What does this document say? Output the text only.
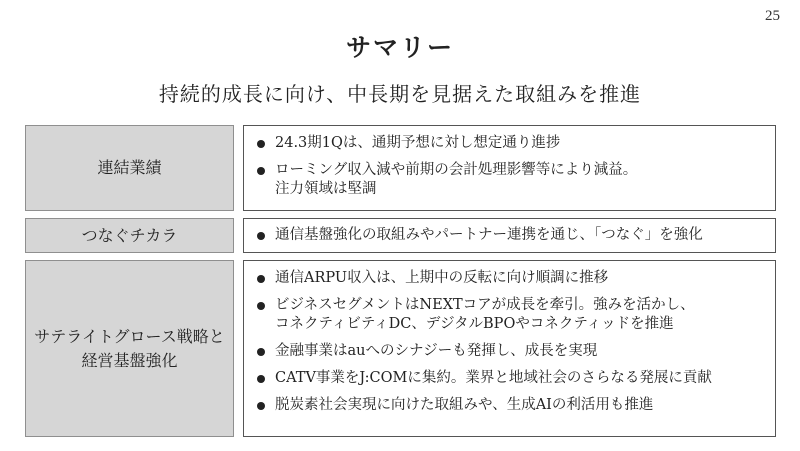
25
サマリー
持続的成長に向け、中長期を見据えた取組みを推進
連結業績
24.3期1Qは、通期予想に対し想定通り進捗
ローミング収入減や前期の会計処理影響等により減益。
注力領域は堅調
つなぐチカラ	通信基盤強化の取組みやパートナー連携を通じ、「つなぐ」を強化
サテライトグロース戦略と
経営基盤強化
通信ARPU収入は、上期中の反転に向け順調に推移
ビジネスセグメントはNEXTコアが成長を牽引。強みを活かし、
コネクティビティDC、デジタルBPOやコネクティッドを推進
金融事業はauへのシナジーも発揮し、成長を実現
CATV事業をJ:COMに集約。業界と地域社会のさらなる発展に貢献
脱炭素社会実現に向けた取組みや、生成AIの利活用も推進
